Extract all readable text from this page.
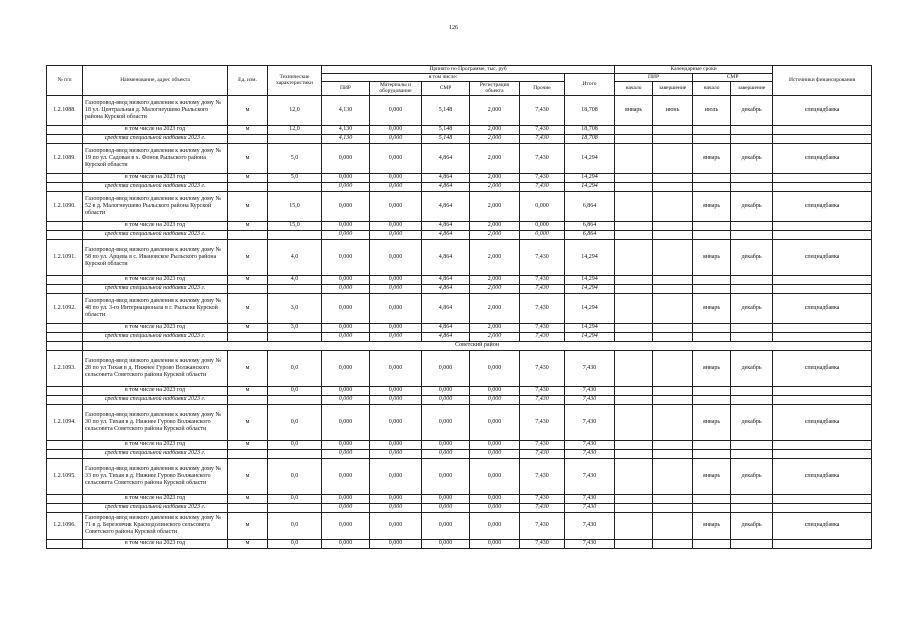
126
№ п/п	Наименование, адрес объекта	Ед. изм.	Технические характеристики	Принято по Программе, тыс. руб						Календарные сроки				Источники финансирования
				в том числе:					Итого	ПИР		СМР		
				ПИР	Материалы и оборудование	СМР	Регистрация объекта	Прочие		начало	завершение	начало	завершение	
1.2.1088.	Газопровод-ввод низкого давления к жилому дому № 18 ул. Центральная д. Малогнеушево Рыльского района Курской области	м	12,0	4,130	0,000	5,148	2,000	7,430	18,708	январь	июнь	июль	декабрь	спецнадбавка
	в том числе на 2023 год	м	12,0	4,130	0,000	5,148	2,000	7,430	18,708					
	средства специальной надбавки 2023 г.			4,130	0,000	5,148	2,000	7,430	18,708					
1.2.1089.	Газопровод-ввод низкого давления к жилому дому № 19 по ул. Садовая в х. Фонов Рыльского района Курской области	м	5,0	0,000	0,000	4,864	2,000	7,430	14,294			январь	декабрь	спецнадбавка
	в том числе на 2023 год	м	5,0	0,000	0,000	4,864	2,000	7,430	14,294					
	средства специальной надбавки 2023 г.			0,000	0,000	4,864	2,000	7,430	14,294					
1.2.1090.	Газопровод-ввод низкого давления к жилому дому № 52 в д. Малогнеушево Рыльского района Курской области	м	15,0	0,000	0,000	4,864	2,000	0,000	6,864			январь	декабрь	спецнадбавка
	в том числе на 2023 год	м	15,0	0,000	0,000	4,864	2,000	0,000	6,864					
	средства специальной надбавки 2023 г.			0,000	0,000	4,864	2,000	0,000	6,864					
1.2.1091.	Газопровод-ввод низкого давления к жилому дому № 58 по ул. Арцева в с. Ивановское Рыльского района Курской области	м	4,0	0,000	0,000	4,864	2,000	7,430	14,294			январь	декабрь	спецнадбавка
	в том числе на 2023 год	м	4,0	0,000	0,000	4,864	2,000	7,430	14,294					
	средства специальной надбавки 2023 г.			0,000	0,000	4,864	2,000	7,430	14,294					
1.2.1092.	Газопровод-ввод низкого давления к жилому дому № 48 по ул. 3-го Интернационала в г. Рыльске Курской области	м	3,0	0,000	0,000	4,864	2,000	7,430	14,294			январь	декабрь	спецнадбавка
	в том числе на 2023 год	м	3,0	0,000	0,000	4,864	2,000	7,430	14,294					
	средства специальной надбавки 2023 г.			0,000	0,000	4,864	2,000	7,430	14,294					
	Советский район													
1.2.1093.	Газопровод-ввод низкого давления к жилому дому № 28 по ул Тихая в д. Нижнее Гурово Волжанского сельсовета Советского района Курской области	м	0,0	0,000	0,000	0,000	0,000	7,430	7,430			январь	декабрь	спецнадбавка
	в том числе на 2023 год	м	0,0	0,000	0,000	0,000	0,000	7,430	7,430					
	средства специальной надбавки 2023 г.			0,000	0,000	0,000	0,000	7,430	7,430					
1.2.1094.	Газопровод-ввод низкого давления к жилому дому № 30 по ул. Тихая в д. Нижнее Гурово Волжанского сельсовета Советского района Курской области	м	0,0	0,000	0,000	0,000	0,000	7,430	7,430			январь	декабрь	спецнадбавка
	в том числе на 2023 год	м	0,0	0,000	0,000	0,000	0,000	7,430	7,430					
	средства специальной надбавки 2023 г.			0,000	0,000	0,000	0,000	7,430	7,430					
1.2.1095.	Газопровод-ввод низкого давления к жилому дому № 33 по ул. Тихая в д. Нижнее Гурово Волжанского сельсовета Советского района Курской области	м	0,0	0,000	0,000	0,000	0,000	7,430	7,430			январь	декабрь	спецнадбавка
	в том числе на 2023 год	м	0,0	0,000	0,000	0,000	0,000	7,430	7,430					
	средства специальной надбавки 2023 г.			0,000	0,000	0,000	0,000	7,430	7,430					
1.2.1096.	Газопровод-ввод низкого давления к жилому дому № 71 в д. Березовчик Краснодолинского сельсовета Советского района Курской области	м	0,0	0,000	0,000	0,000	0,000	7,430	7,430			январь	декабрь	спецнадбавка
	в том числе на 2023 год	м	0,0	0,000	0,000	0,000	0,000	7,430	7,430					
